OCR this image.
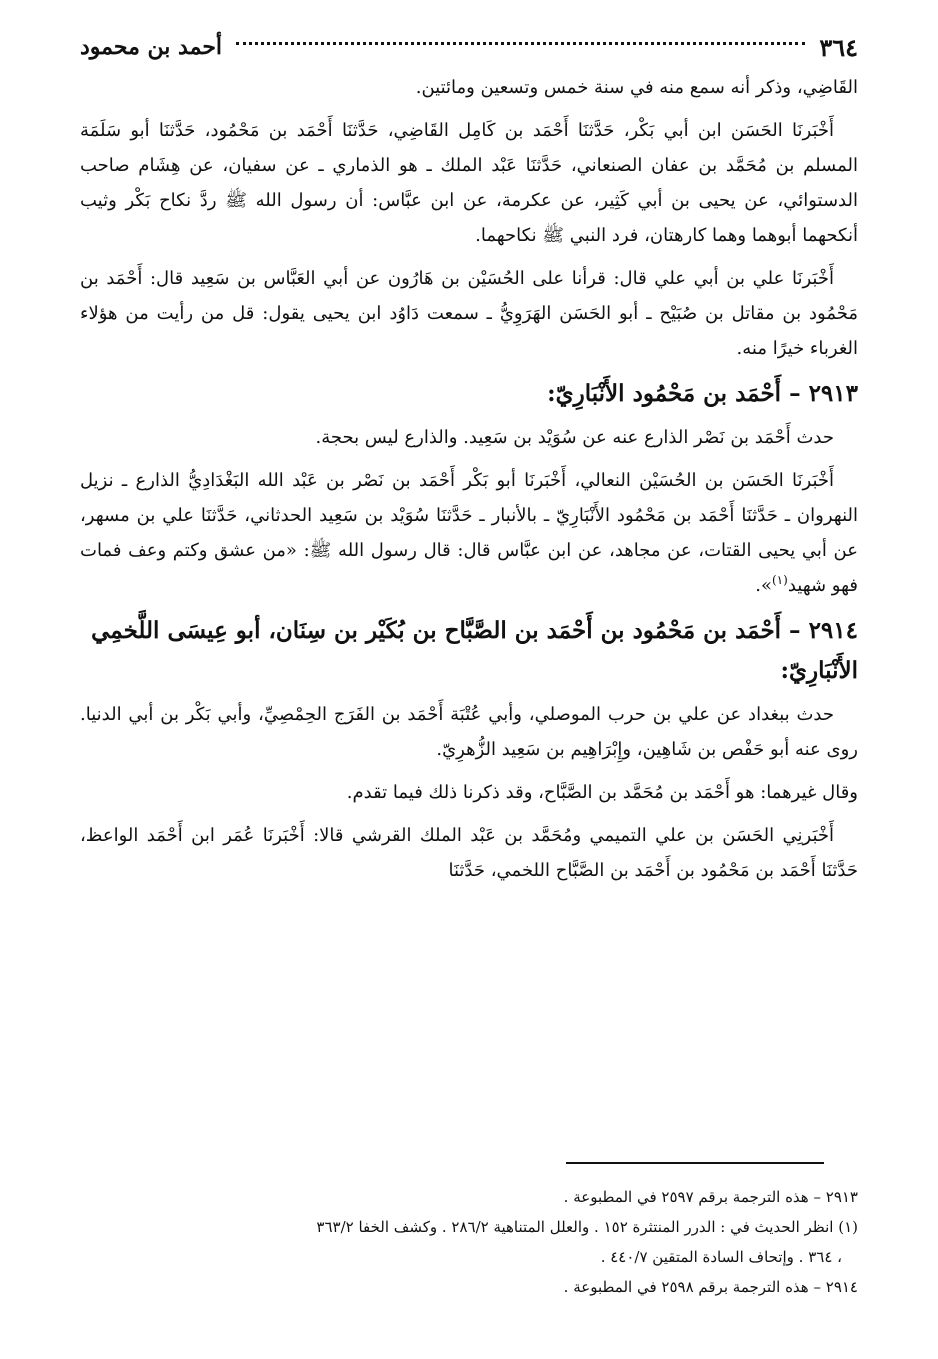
٣٦٤
أحمد بن محمود

القَاضِي، وذكر أنه سمع منه في سنة خمس وتسعين ومائتين.

أَخْبَرنَا الحَسَن ابن أبي بَكْر، حَدَّثنَا أَحْمَد بن كَامِل القَاضِي، حَدَّثنَا أَحْمَد بن مَحْمُود، حَدَّثنَا أبو سَلَمَة المسلم بن مُحَمَّد بن عفان الصنعاني، حَدَّثنَا عَبْد الملك ـ هو الذماري ـ عن سفيان، عن هِشَام صاحب الدستوائي، عن يحيى بن أبي كَثِير، عن عكرمة، عن ابن عبَّاس: أن رسول الله ﷺ ردَّ نكاح بَكْر وثيب أنكحهما أبوهما وهما كارهتان، فرد النبي ﷺ نكاحهما.

أَخْبَرنَا علي بن أبي علي قال: قرأنا على الحُسَيْن بن هَارُون عن أبي العَبَّاس بن سَعِيد قال: أَحْمَد بن مَحْمُود بن مقاتل بن صُبَيْح ـ أبو الحَسَن الهَرَوِيُّ ـ سمعت دَاوُد ابن يحيى يقول: قل من رأيت من هؤلاء الغرباء خيرًا منه.

٢٩١٣ – أَحْمَد بن مَحْمُود الأَنْبَارِيّ:

حدث أَحْمَد بن نَصْر الذارع عنه عن سُوَيْد بن سَعِيد. والذارع ليس بحجة.

أَخْبَرنَا الحَسَن بن الحُسَيْن النعالي، أَخْبَرنَا أبو بَكْر أَحْمَد بن نَصْر بن عَبْد الله البَغْدَادِيُّ الذارع ـ نزيل النهروان ـ حَدَّثنَا أَحْمَد بن مَحْمُود الأَنْبَارِيّ ـ بالأنبار ـ حَدَّثنَا سُوَيْد بن سَعِيد الحدثاني، حَدَّثنَا علي بن مسهر، عن أبي يحيى القتات، عن مجاهد، عن ابن عبَّاس قال: قال رسول الله ﷺ: «من عشق وكتم وعف فمات فهو شهيد$^{(١)}$».

٢٩١٤ – أَحْمَد بن مَحْمُود بن أَحْمَد بن الصَّبَّاح بن بُكَيْر بن سِنَان، أبو عِيسَى اللَّخمِي الأَنْبَارِيّ:

حدث ببغداد عن علي بن حرب الموصلي، وأبي عُتْبَة أَحْمَد بن الفَرَج الحِمْصِيِّ، وأبي بَكْر بن أبي الدنيا. روى عنه أبو حَفْص بن شَاهِين، وإِبْرَاهِيم بن سَعِيد الزُّهرِيّ.

وقال غيرهما: هو أَحْمَد بن مُحَمَّد بن الصَّبَّاح، وقد ذكرنا ذلك فيما تقدم.

أَخْبَرنِي الحَسَن بن علي التميمي ومُحَمَّد بن عَبْد الملك القرشي قالا: أَخْبَرنَا عُمَر ابن أَحْمَد الواعظ، حَدَّثنَا أَحْمَد بن مَحْمُود بن أَحْمَد بن الصَّبَّاح اللخمي، حَدَّثنَا

٢٩١٣ – هذه الترجمة برقم ٢٥٩٧ في المطبوعة .

(١) انظر الحديث في : الدرر المنتثرة ١٥٢ . والعلل المتناهية ٢٨٦/٢ . وكشف الخفا ٣٦٣/٢

، ٣٦٤ . وإتحاف السادة المتقين ٤٤٠/٧ .

٢٩١٤ – هذه الترجمة برقم ٢٥٩٨ في المطبوعة .
